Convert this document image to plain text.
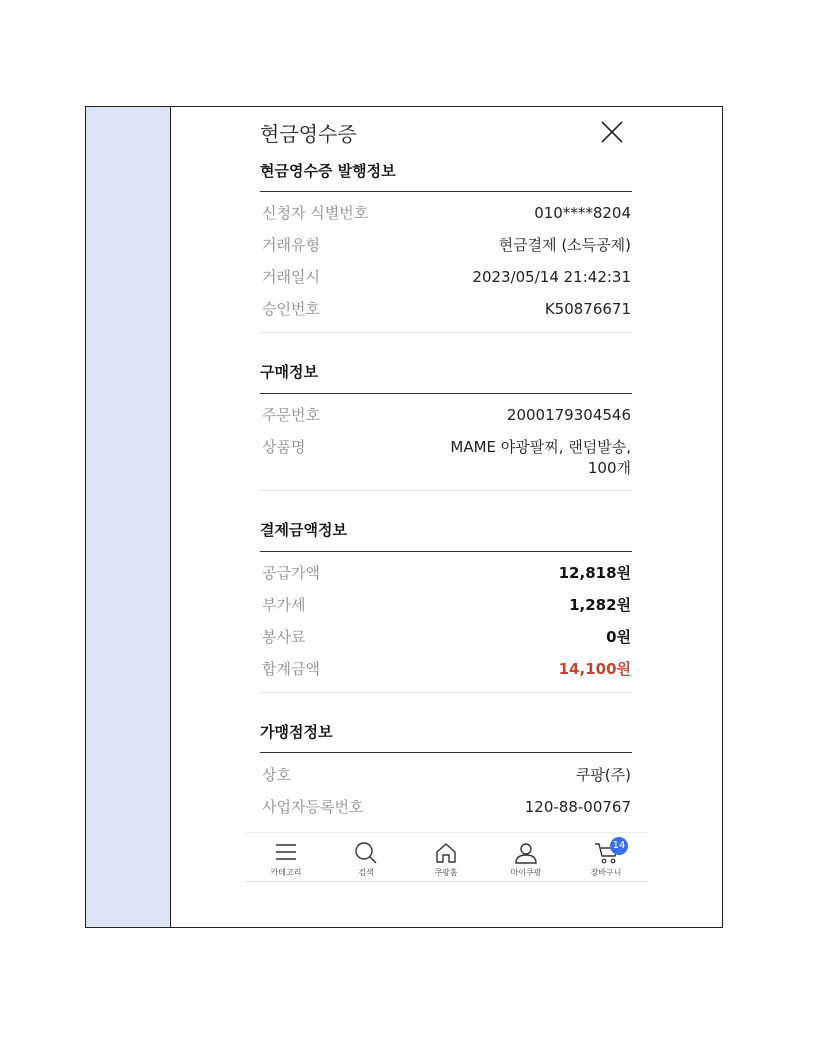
현금영수증
현금영수증 발행정보
신청자 식별번호	010****8204
거래유형	현금결제 (소득공제)
거래일시	2023/05/14 21:42:31
승인번호	K50876671
구매정보
주문번호	2000179304546
상품명	MAME 야광팔찌, 랜덤발송, 100개
결제금액정보
공급가액	12,818원
부가세	1,282원
봉사료	0원
합계금액	14,100원
가맹점정보
상호	쿠팡(주)
사업자등록번호	120-88-00767
카테고리	검색	쿠팡홈	마이쿠팡
14
장바구니
